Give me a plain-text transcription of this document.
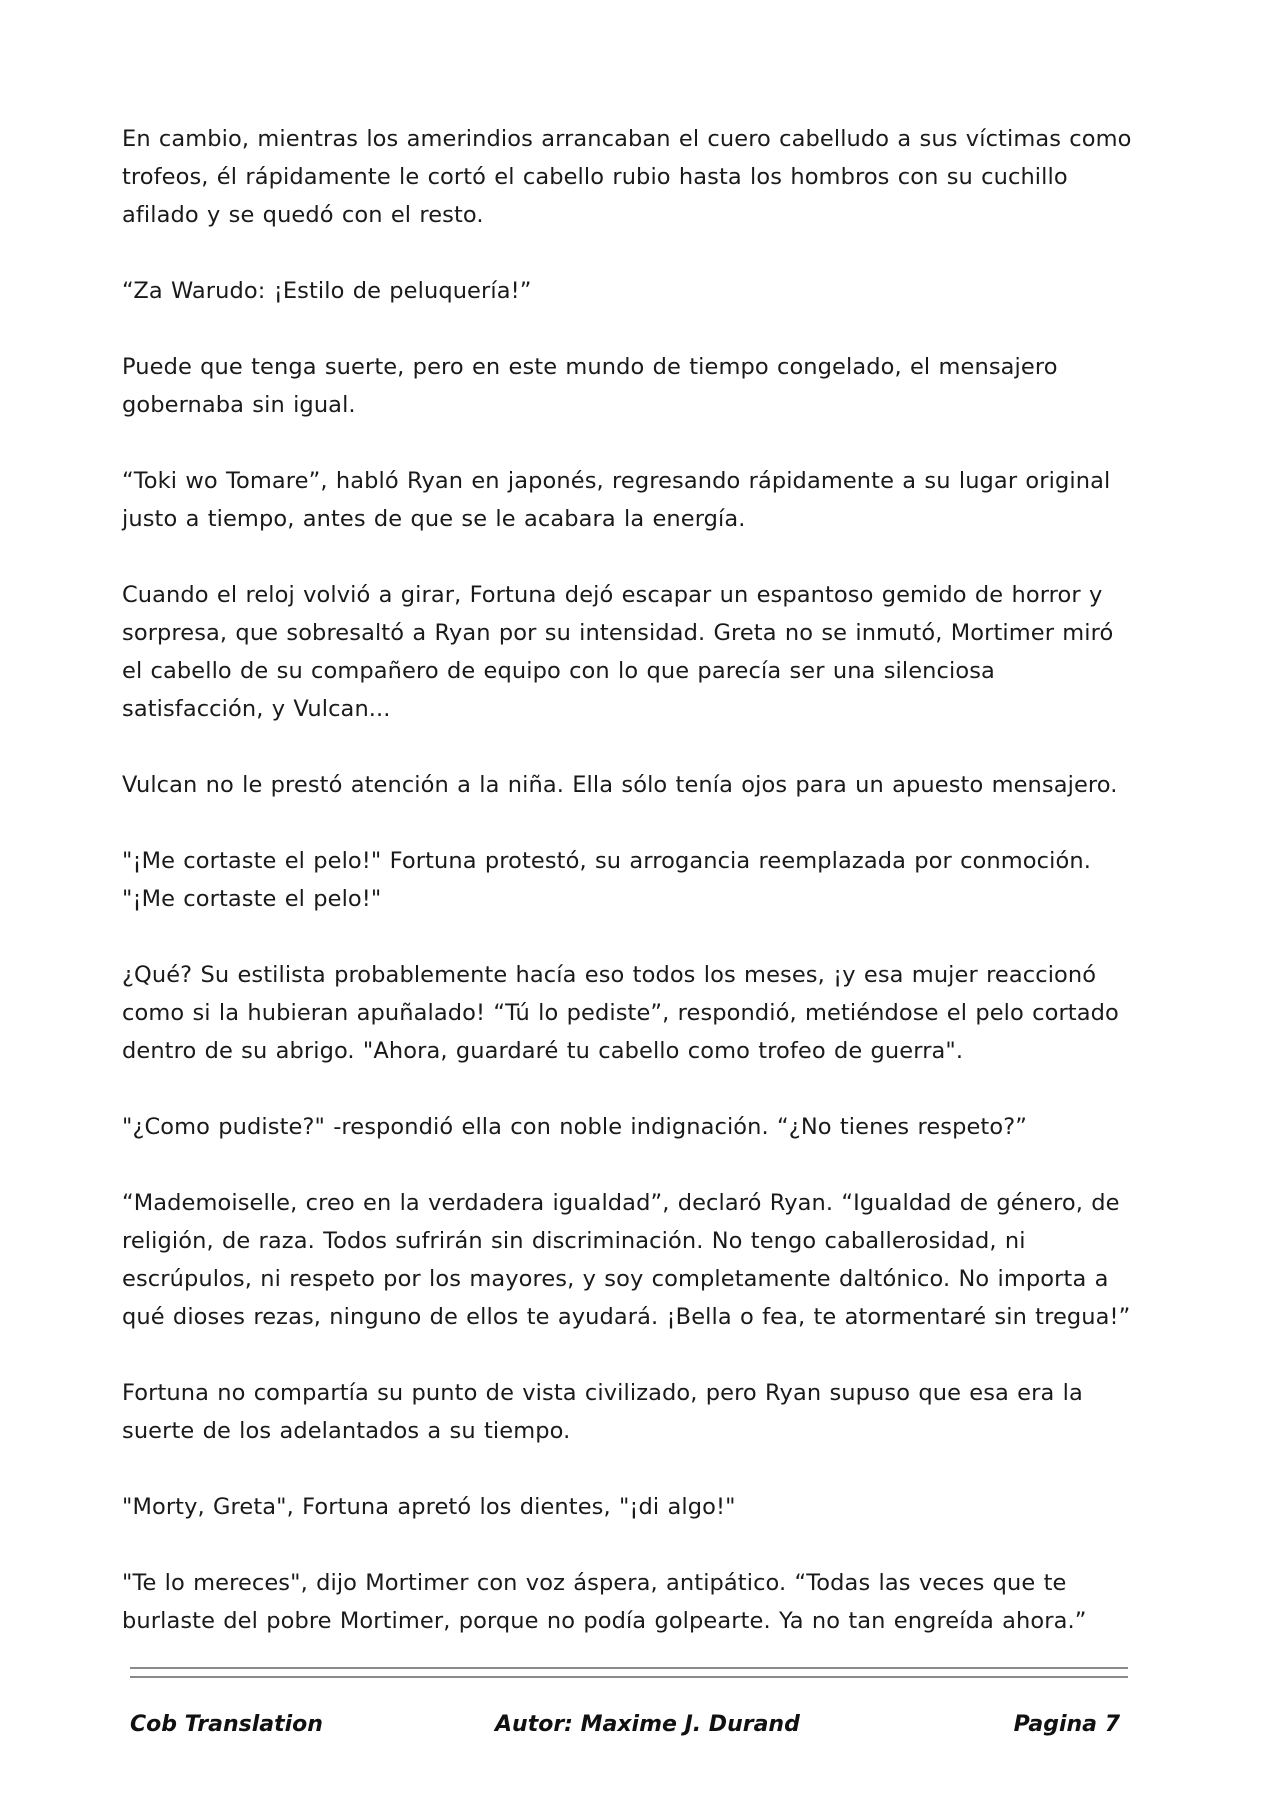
En cambio, mientras los amerindios arrancaban el cuero cabelludo a sus víctimas como trofeos, él rápidamente le cortó el cabello rubio hasta los hombros con su cuchillo afilado y se quedó con el resto.

“Za Warudo: ¡Estilo de peluquería!”

Puede que tenga suerte, pero en este mundo de tiempo congelado, el mensajero gobernaba sin igual.

“Toki wo Tomare”, habló Ryan en japonés, regresando rápidamente a su lugar original justo a tiempo, antes de que se le acabara la energía.

Cuando el reloj volvió a girar, Fortuna dejó escapar un espantoso gemido de horror y sorpresa, que sobresaltó a Ryan por su intensidad. Greta no se inmutó, Mortimer miró el cabello de su compañero de equipo con lo que parecía ser una silenciosa satisfacción, y Vulcan...

Vulcan no le prestó atención a la niña. Ella sólo tenía ojos para un apuesto mensajero.

"¡Me cortaste el pelo!" Fortuna protestó, su arrogancia reemplazada por conmoción. "¡Me cortaste el pelo!"

¿Qué? Su estilista probablemente hacía eso todos los meses, ¡y esa mujer reaccionó como si la hubieran apuñalado! “Tú lo pediste”, respondió, metiéndose el pelo cortado dentro de su abrigo. "Ahora, guardaré tu cabello como trofeo de guerra".

"¿Como pudiste?" -respondió ella con noble indignación. “¿No tienes respeto?”

“Mademoiselle, creo en la verdadera igualdad”, declaró Ryan. “Igualdad de género, de religión, de raza. Todos sufrirán sin discriminación. No tengo caballerosidad, ni escrúpulos, ni respeto por los mayores, y soy completamente daltónico. No importa a qué dioses rezas, ninguno de ellos te ayudará. ¡Bella o fea, te atormentaré sin tregua!”

Fortuna no compartía su punto de vista civilizado, pero Ryan supuso que esa era la suerte de los adelantados a su tiempo.

"Morty, Greta", Fortuna apretó los dientes, "¡di algo!"

"Te lo mereces", dijo Mortimer con voz áspera, antipático. “Todas las veces que te burlaste del pobre Mortimer, porque no podía golpearte. Ya no tan engreída ahora.”

Cob Translation	Autor: Maxime J. Durand	Pagina 7
